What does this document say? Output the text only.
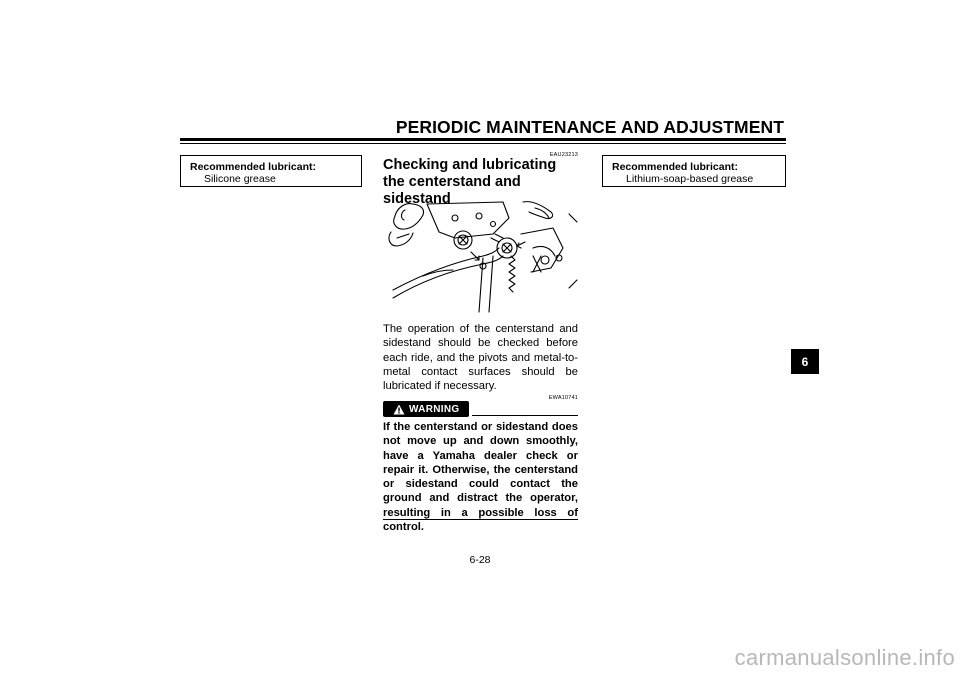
PERIODIC MAINTENANCE AND ADJUSTMENT
Recommended lubricant:
Silicone grease
Recommended lubricant:
Lithium-soap-based grease
EAU23213
Checking and lubricating the centerstand and sidestand
The operation of the centerstand and sidestand should be checked before each ride, and the pivots and metal-to-metal contact surfaces should be lubricated if necessary.
EWA10741
WARNING
If the centerstand or sidestand does not move up and down smoothly, have a Yamaha dealer check or repair it. Otherwise, the centerstand or sidestand could contact the ground and distract the operator, resulting in a possible loss of control.
6-28
6
carmanualsonline.info
